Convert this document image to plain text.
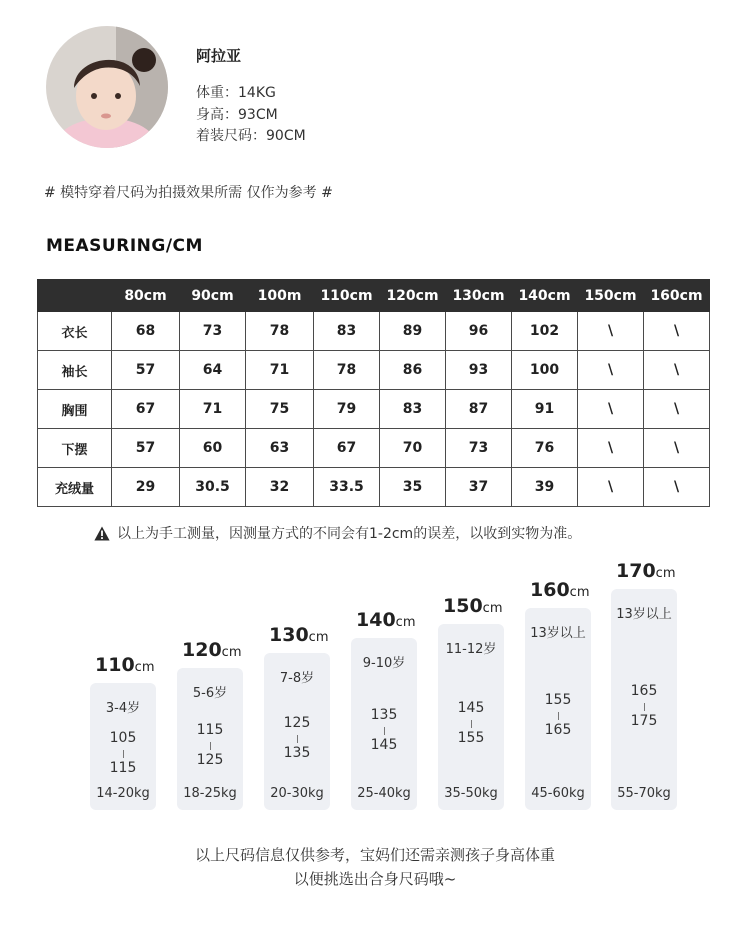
阿拉亚
体重：14KG
身高：93CM
着装尺码：90CM
# 模特穿着尺码为拍摄效果所需 仅作为参考 #
MEASURING/CM
	80cm	90cm	100m	110cm	120cm	130cm	140cm	150cm	160cm
衣长	68	73	78	83	89	96	102	\	\
袖长	57	64	71	78	86	93	100	\	\
胸围	67	71	75	79	83	87	91	\	\
下摆	57	60	63	67	70	73	76	\	\
充绒量	29	30.5	32	33.5	35	37	39	\	\
以上为手工测量，因测量方式的不同会有1-2cm的误差，以收到实物为准。
110cm
3-4岁
105
115
14-20kg
120cm
5-6岁
115
125
18-25kg
130cm
7-8岁
125
135
20-30kg
140cm
9-10岁
135
145
25-40kg
150cm
11-12岁
145
155
35-50kg
160cm
13岁以上
155
165
45-60kg
170cm
13岁以上
165
175
55-70kg
以上尺码信息仅供参考，宝妈们还需亲测孩子身高体重
以便挑选出合身尺码哦~
